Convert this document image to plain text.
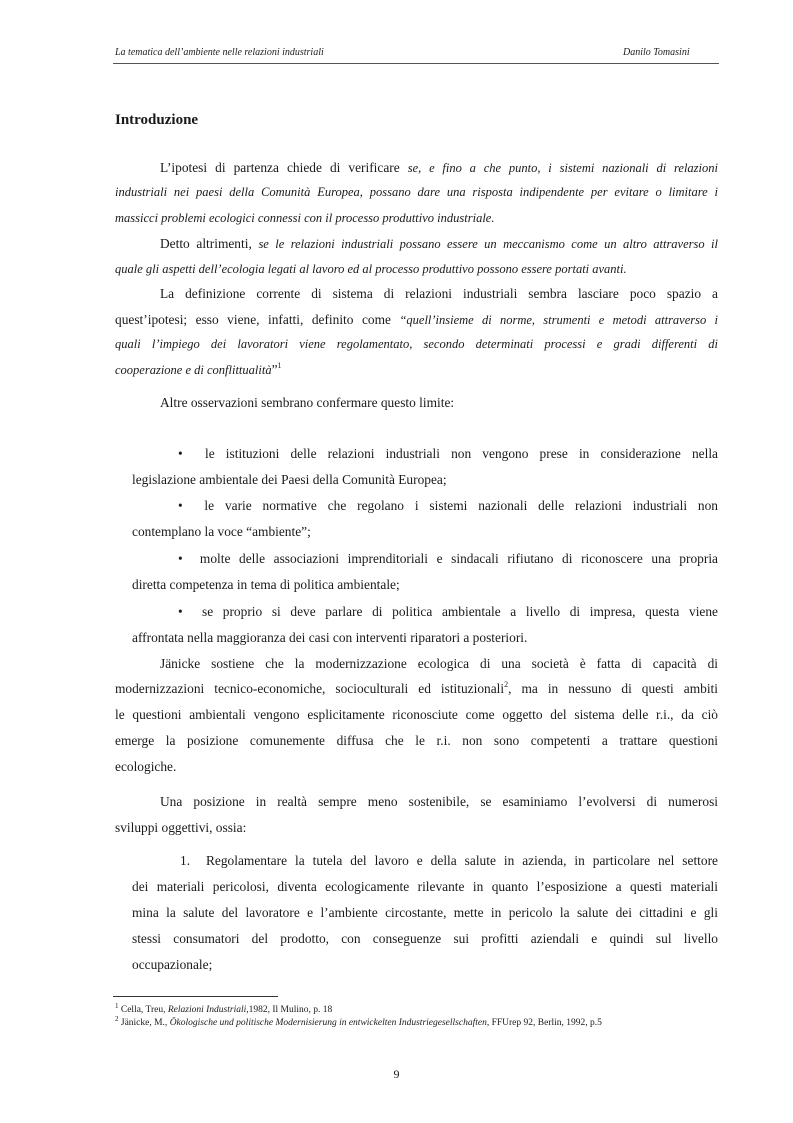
La tematica dell’ambiente nelle relazioni industriali	Danilo Tomasini
Introduzione
L’ipotesi di partenza chiede di verificare se, e fino a che punto, i sistemi nazionali di relazioni
industriali nei paesi della Comunità Europea, possano dare una risposta indipendente per evitare o limitare i
massicci problemi ecologici connessi con il processo produttivo industriale.
Detto altrimenti, se le relazioni industriali possano essere un meccanismo come un altro attraverso il
quale gli aspetti dell’ecologia legati al lavoro ed al processo produttivo possono essere portati avanti.
La definizione corrente di sistema di relazioni industriali sembra lasciare poco spazio a
quest’ipotesi; esso viene, infatti, definito come “quell’insieme di norme, strumenti e metodi attraverso i
quali l’impiego dei lavoratori viene regolamentato, secondo determinati processi e gradi differenti di
cooperazione e di conflittualità”$^1$
Altre osservazioni sembrano confermare questo limite:
• le istituzioni delle relazioni industriali non vengono prese in considerazione nella
legislazione ambientale dei Paesi della Comunità Europea;
• le varie normative che regolano i sistemi nazionali delle relazioni industriali non
contemplano la voce “ambiente”;
• molte delle associazioni imprenditoriali e sindacali rifiutano di riconoscere una propria
diretta competenza in tema di politica ambientale;
• se proprio si deve parlare di politica ambientale a livello di impresa, questa viene
affrontata nella maggioranza dei casi con interventi riparatori a posteriori.
Jänicke sostiene che la modernizzazione ecologica di una società è fatta di capacità di
modernizzazioni tecnico-economiche, socioculturali ed istituzionali$^2$, ma in nessuno di questi ambiti
le questioni ambientali vengono esplicitamente riconosciute come oggetto del sistema delle r.i., da ciò
emerge la posizione comunemente diffusa che le r.i. non sono competenti a trattare questioni
ecologiche.
Una posizione in realtà sempre meno sostenibile, se esaminiamo l’evolversi di numerosi
sviluppi oggettivi, ossia:
1. Regolamentare la tutela del lavoro e della salute in azienda, in particolare nel settore
dei materiali pericolosi, diventa ecologicamente rilevante in quanto l’esposizione a questi materiali
mina la salute del lavoratore e l’ambiente circostante, mette in pericolo la salute dei cittadini e gli
stessi consumatori del prodotto, con conseguenze sui profitti aziendali e quindi sul livello
occupazionale;
$^1$ Cella, Treu, Relazioni Industriali,1982, Il Mulino, p. 18
$^2$ Jänicke, M., Ökologische und politische Modernisierung in entwickelten Industriegesellschaften, FFUrep 92, Berlin, 1992, p.5
9
